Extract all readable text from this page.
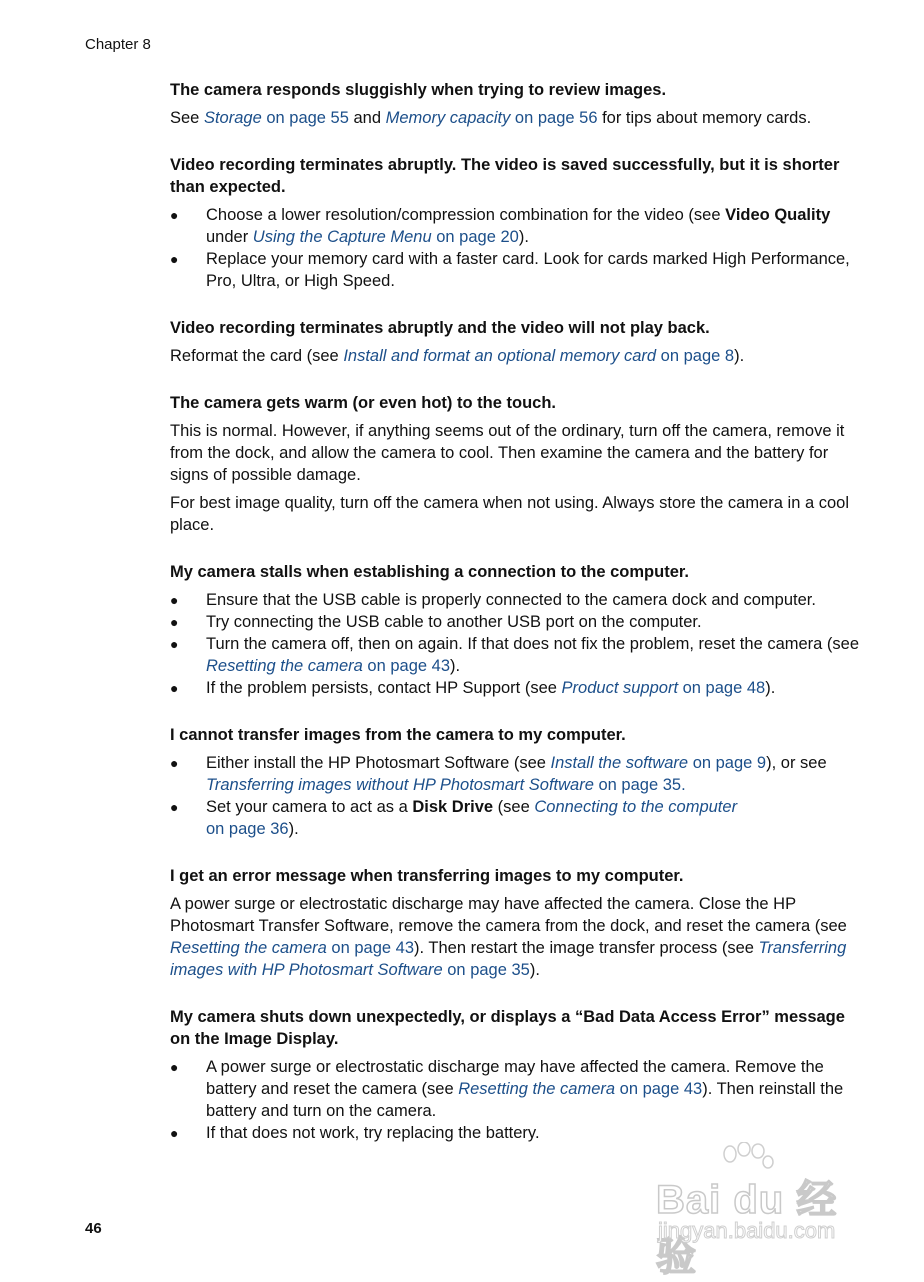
Chapter 8
The camera responds sluggishly when trying to review images.
See Storage on page 55 and Memory capacity on page 56 for tips about memory cards.
Video recording terminates abruptly. The video is saved successfully, but it is shorter than expected.
● Choose a lower resolution/compression combination for the video (see Video Quality under Using the Capture Menu on page 20).
● Replace your memory card with a faster card. Look for cards marked High Performance, Pro, Ultra, or High Speed.
Video recording terminates abruptly and the video will not play back.
Reformat the card (see Install and format an optional memory card on page 8).
The camera gets warm (or even hot) to the touch.
This is normal. However, if anything seems out of the ordinary, turn off the camera, remove it from the dock, and allow the camera to cool. Then examine the camera and the battery for signs of possible damage.
For best image quality, turn off the camera when not using. Always store the camera in a cool place.
My camera stalls when establishing a connection to the computer.
● Ensure that the USB cable is properly connected to the camera dock and computer.
● Try connecting the USB cable to another USB port on the computer.
● Turn the camera off, then on again. If that does not fix the problem, reset the camera (see Resetting the camera on page 43).
● If the problem persists, contact HP Support (see Product support on page 48).
I cannot transfer images from the camera to my computer.
● Either install the HP Photosmart Software (see Install the software on page 9), or see Transferring images without HP Photosmart Software on page 35.
● Set your camera to act as a Disk Drive (see Connecting to the computer
on page 36).
I get an error message when transferring images to my computer.
A power surge or electrostatic discharge may have affected the camera. Close the HP Photosmart Transfer Software, remove the camera from the dock, and reset the camera (see Resetting the camera on page 43). Then restart the image transfer process (see Transferring images with HP Photosmart Software on page 35).
My camera shuts down unexpectedly, or displays a “Bad Data Access Error” message on the Image Display.
● A power surge or electrostatic discharge may have affected the camera. Remove the battery and reset the camera (see Resetting the camera on page 43). Then reinstall the battery and turn on the camera.
● If that does not work, try replacing the battery.
46
Bai du 经验
jingyan.baidu.com
